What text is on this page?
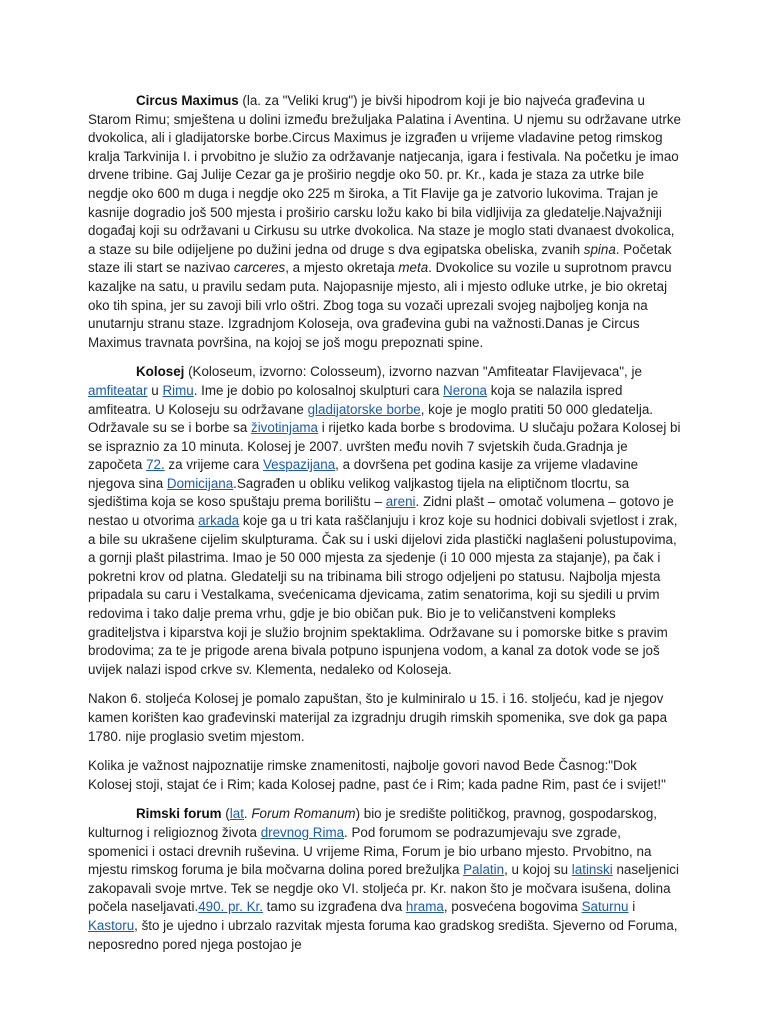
Circus Maximus (la. za "Veliki krug") je bivši hipodrom koji je bio najveća građevina u Starom Rimu; smještena u dolini između brežuljaka Palatina i Aventina. U njemu su održavane utrke dvokolica, ali i gladijatorske borbe.Circus Maximus je izgrađen u vrijeme vladavine petog rimskog kralja Tarkvinija I. i prvobitno je služio za održavanje natjecanja, igara i festivala. Na početku je imao drvene tribine. Gaj Julije Cezar ga je proširio negdje oko 50. pr. Kr., kada je staza za utrke bile negdje oko 600 m duga i negdje oko 225 m široka, a Tit Flavije ga je zatvorio lukovima. Trajan je kasnije dogradio još 500 mjesta i proširio carsku ložu kako bi bila vidljivija za gledatelje.Najvažniji događaj koji su održavani u Cirkusu su utrke dvokolica. Na staze je moglo stati dvanaest dvokolica, a staze su bile odijeljene po dužini jedna od druge s dva egipatska obeliska, zvanih spina. Početak staze ili start se nazivao carceres, a mjesto okretaja meta. Dvokolice su vozile u suprotnom pravcu kazaljke na satu, u pravilu sedam puta. Najopasnije mjesto, ali i mjesto odluke utrke, je bio okretaj oko tih spina, jer su zavoji bili vrlo oštri. Zbog toga su vozači uprezali svojeg najboljeg konja na unutarnju stranu staze. Izgradnjom Koloseja, ova građevina gubi na važnosti.Danas je Circus Maximus travnata površina, na kojoj se još mogu prepoznati spine.

Kolosej (Koloseum, izvorno: Colosseum), izvorno nazvan "Amfiteatar Flavijevaca", je amfiteatar u Rimu. Ime je dobio po kolosalnoj skulpturi cara Nerona koja se nalazila ispred amfiteatra. U Koloseju su održavane gladijatorske borbe, koje je moglo pratiti 50 000 gledatelja. Održavale su se i borbe sa životinjama i rijetko kada borbe s brodovima. U slučaju požara Kolosej bi se ispraznio za 10 minuta. Kolosej je 2007. uvršten među novih 7 svjetskih čuda.Gradnja je započeta 72. za vrijeme cara Vespazijana, a dovršena pet godina kasije za vrijeme vladavine njegova sina Domicijana.Sagrađen u obliku velikog valjkastog tijela na eliptičnom tlocrtu, sa sjedištima koja se koso spuštaju prema borilištu – areni. Zidni plašt – omotač volumena – gotovo je nestao u otvorima arkada koje ga u tri kata raščlanjuju i kroz koje su hodnici dobivali svjetlost i zrak, a bile su ukrašene cijelim skulpturama. Čak su i uski dijelovi zida plastički naglašeni polustupovima, a gornji plašt pilastrima. Imao je 50 000 mjesta za sjedenje (i 10 000 mjesta za stajanje), pa čak i pokretni krov od platna. Gledatelji su na tribinama bili strogo odjeljeni po statusu. Najbolja mjesta pripadala su caru i Vestalkama, svećenicama djevicama, zatim senatorima, koji su sjedili u prvim redovima i tako dalje prema vrhu, gdje je bio običan puk. Bio je to veličanstveni kompleks graditeljstva i kiparstva koji je služio brojnim spektaklima. Održavane su i pomorske bitke s pravim brodovima; za te je prigode arena bivala potpuno ispunjena vodom, a kanal za dotok vode se još uvijek nalazi ispod crkve sv. Klementa, nedaleko od Koloseja.

Nakon 6. stoljeća Kolosej je pomalo zapuštan, što je kulminiralo u 15. i 16. stoljeću, kad je njegov kamen korišten kao građevinski materijal za izgradnju drugih rimskih spomenika, sve dok ga papa 1780. nije proglasio svetim mjestom.

Kolika je važnost najpoznatije rimske znamenitosti, najbolje govori navod Bede Časnog:"Dok Kolosej stoji, stajat će i Rim; kada Kolosej padne, past će i Rim; kada padne Rim, past će i svijet!"

Rimski forum (lat. Forum Romanum) bio je središte političkog, pravnog, gospodarskog, kulturnog i religioznog života drevnog Rima. Pod forumom se podrazumjevaju sve zgrade, spomenici i ostaci drevnih ruševina. U vrijeme Rima, Forum je bio urbano mjesto. Prvobitno, na mjestu rimskog foruma je bila močvarna dolina pored brežuljka Palatin, u kojoj su latinski naseljenici zakopavali svoje mrtve. Tek se negdje oko VI. stoljeća pr. Kr. nakon što je močvara isušena, dolina počela naseljavati.490. pr. Kr. tamo su izgrađena dva hrama, posvećena bogovima Saturnu i Kastoru, što je ujedno i ubrzalo razvitak mjesta foruma kao gradskog središta. Sjeverno od Foruma, neposredno pored njega postojao je
